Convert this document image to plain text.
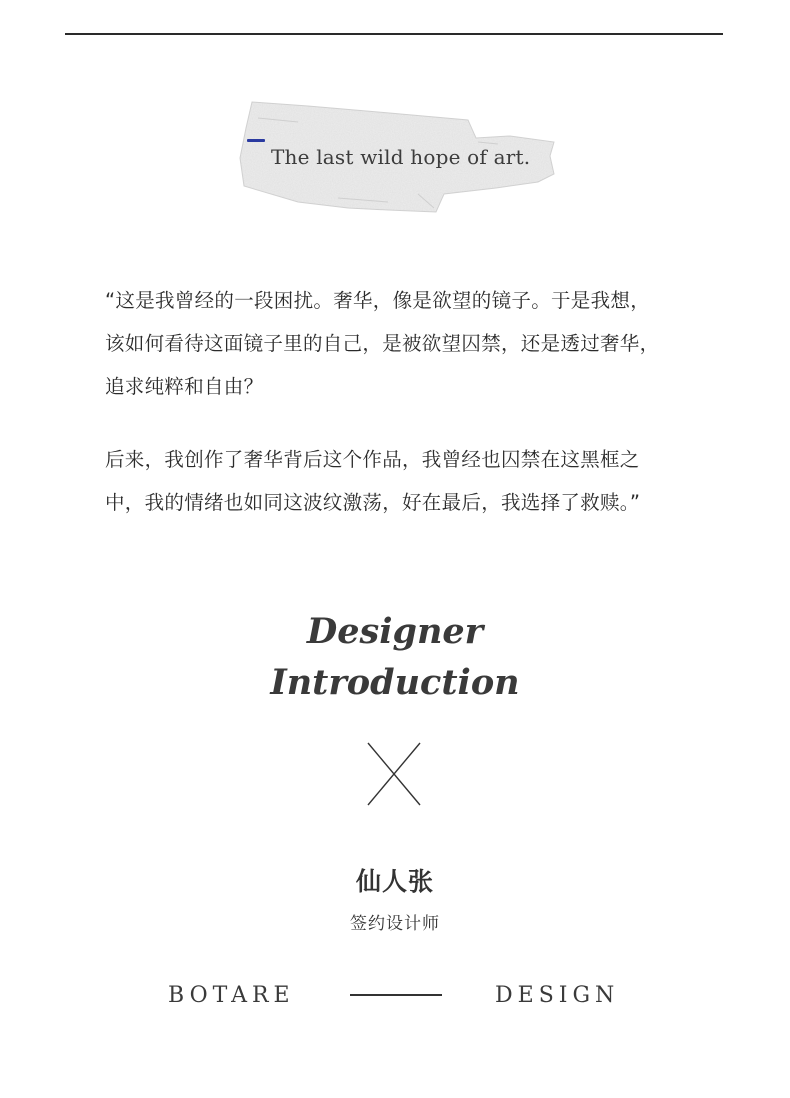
The last wild hope of art.

“这是我曾经的一段困扰。奢华，像是欲望的镜子。于是我想，
该如何看待这面镜子里的自己，是被欲望囚禁，还是透过奢华，
追求纯粹和自由？

后来，我创作了奢华背后这个作品，我曾经也囚禁在这黑框之
中，我的情绪也如同这波纹激荡，好在最后，我选择了救赎。”

Designer
Introduction
仙人张
签约设计师
BOTARE	DESIGN
